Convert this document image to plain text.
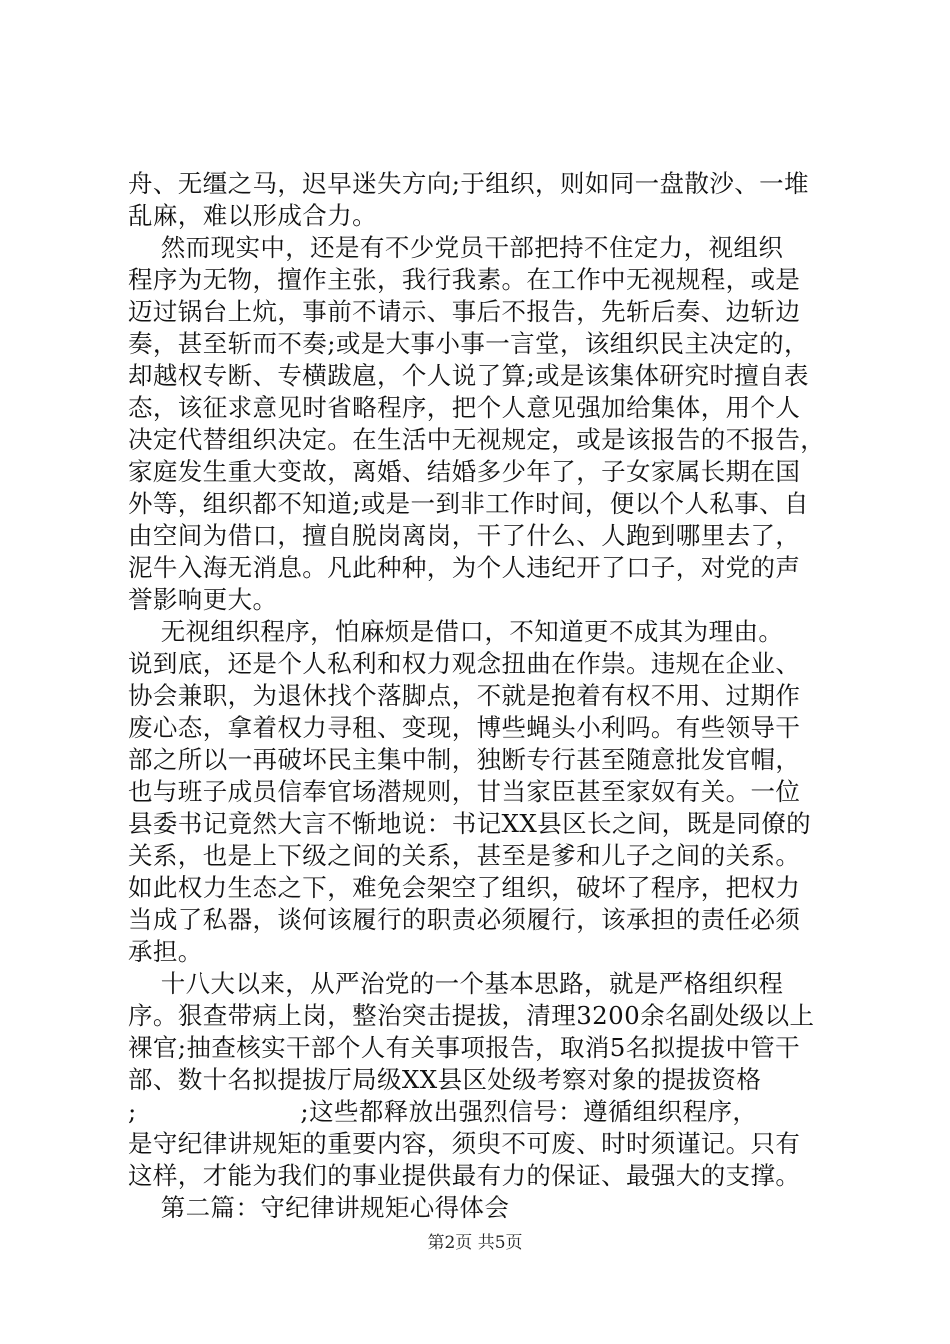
舟、无缰之马，迟早迷失方向;于组织，则如同一盘散沙、一堆
乱麻，难以形成合力。
然而现实中，还是有不少党员干部把持不住定力，视组织
程序为无物，擅作主张，我行我素。在工作中无视规程，或是
迈过锅台上炕，事前不请示、事后不报告，先斩后奏、边斩边
奏，甚至斩而不奏;或是大事小事一言堂，该组织民主决定的，
却越权专断、专横跋扈，个人说了算;或是该集体研究时擅自表
态，该征求意见时省略程序，把个人意见强加给集体，用个人
决定代替组织决定。在生活中无视规定，或是该报告的不报告，
家庭发生重大变故，离婚、结婚多少年了，子女家属长期在国
外等，组织都不知道;或是一到非工作时间，便以个人私事、自
由空间为借口，擅自脱岗离岗，干了什么、人跑到哪里去了，
泥牛入海无消息。凡此种种，为个人违纪开了口子，对党的声
誉影响更大。
无视组织程序，怕麻烦是借口，不知道更不成其为理由。
说到底，还是个人私利和权力观念扭曲在作祟。违规在企业、
协会兼职，为退休找个落脚点，不就是抱着有权不用、过期作
废心态，拿着权力寻租、变现，博些蝇头小利吗。有些领导干
部之所以一再破坏民主集中制，独断专行甚至随意批发官帽，
也与班子成员信奉官场潜规则，甘当家臣甚至家奴有关。一位
县委书记竟然大言不惭地说：书记XX县区长之间，既是同僚的
关系，也是上下级之间的关系，甚至是爹和儿子之间的关系。
如此权力生态之下，难免会架空了组织，破坏了程序，把权力
当成了私器，谈何该履行的职责必须履行，该承担的责任必须
承担。
十八大以来，从严治党的一个基本思路，就是严格组织程
序。狠查带病上岗，整治突击提拔，清理3200余名副处级以上
裸官;抽查核实干部个人有关事项报告，取消5名拟提拔中管干
部、数十名拟提拔厅局级XX县区处级考察对象的提拔资格
;                    ;这些都释放出强烈信号：遵循组织程序，
是守纪律讲规矩的重要内容，须臾不可废、时时须谨记。只有
这样，才能为我们的事业提供最有力的保证、最强大的支撑。
第二篇：守纪律讲规矩心得体会
第2页 共5页
